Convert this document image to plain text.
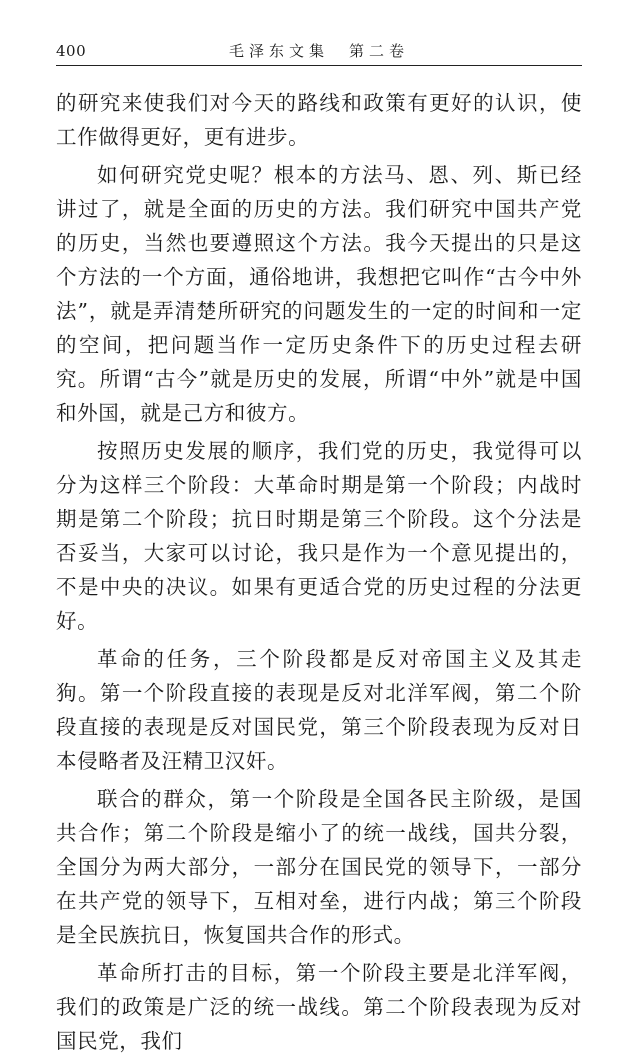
400	毛泽东文集　第二卷

的研究来使我们对今天的路线和政策有更好的认识，使工作做得更好，更有进步。

如何研究党史呢？根本的方法马、恩、列、斯已经讲过了，就是全面的历史的方法。我们研究中国共产党的历史，当然也要遵照这个方法。我今天提出的只是这个方法的一个方面，通俗地讲，我想把它叫作“古今中外法”，就是弄清楚所研究的问题发生的一定的时间和一定的空间，把问题当作一定历史条件下的历史过程去研究。所谓“古今”就是历史的发展，所谓“中外”就是中国和外国，就是己方和彼方。

按照历史发展的顺序，我们党的历史，我觉得可以分为这样三个阶段：大革命时期是第一个阶段；内战时期是第二个阶段；抗日时期是第三个阶段。这个分法是否妥当，大家可以讨论，我只是作为一个意见提出的，不是中央的决议。如果有更适合党的历史过程的分法更好。

革命的任务，三个阶段都是反对帝国主义及其走狗。第一个阶段直接的表现是反对北洋军阀，第二个阶段直接的表现是反对国民党，第三个阶段表现为反对日本侵略者及汪精卫汉奸。

联合的群众，第一个阶段是全国各民主阶级，是国共合作；第二个阶段是缩小了的统一战线，国共分裂，全国分为两大部分，一部分在国民党的领导下，一部分在共产党的领导下，互相对垒，进行内战；第三个阶段是全民族抗日，恢复国共合作的形式。

革命所打击的目标，第一个阶段主要是北洋军阀，我们的政策是广泛的统一战线。第二个阶段表现为反对国民党，我们
